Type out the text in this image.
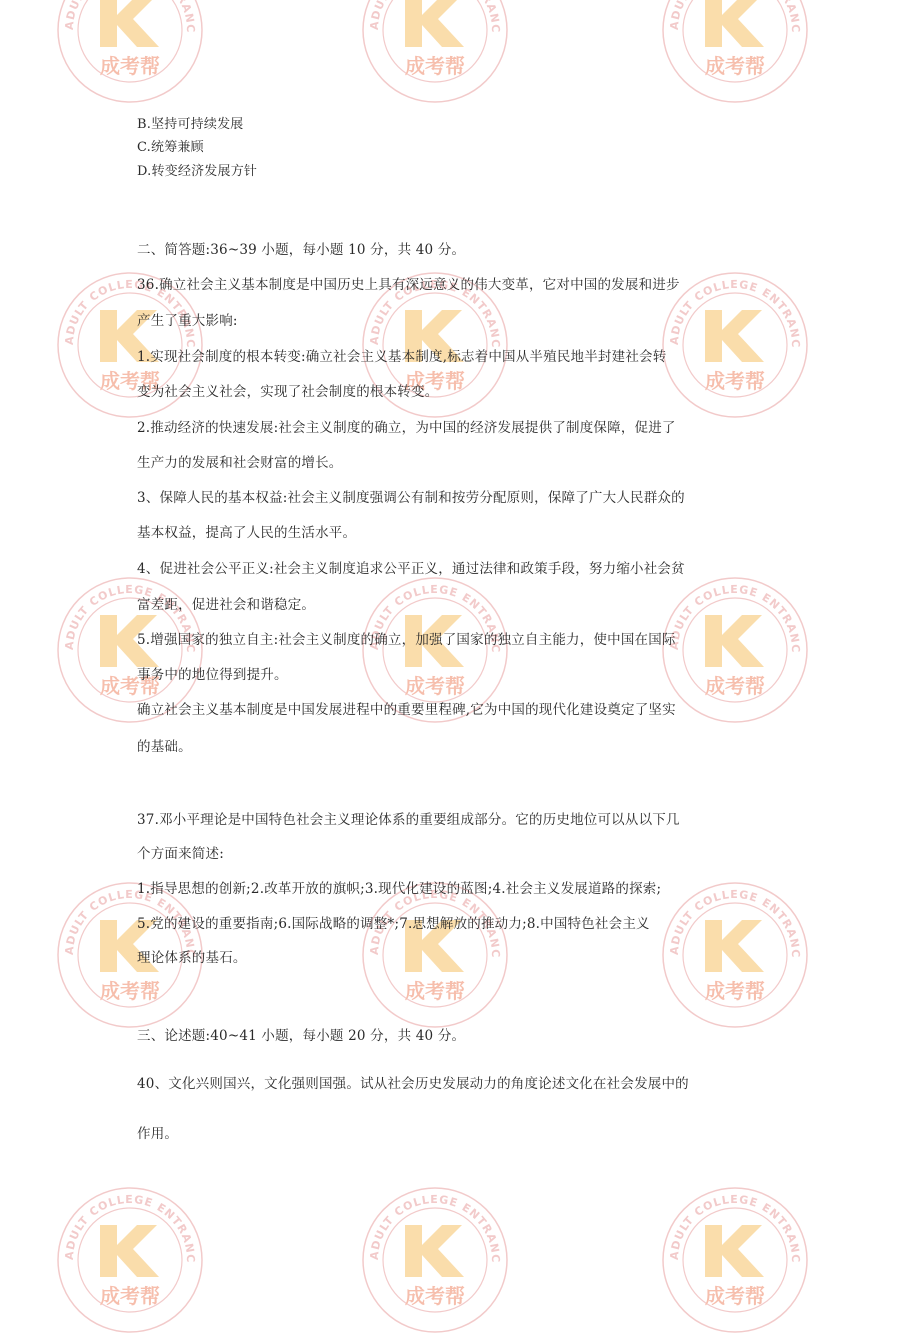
成考帮	成考帮	成考帮
成考帮	成考帮	成考帮
成考帮	成考帮	成考帮
成考帮	成考帮	成考帮
成考帮	成考帮	成考帮
B.坚持可持续发展
C.统筹兼顾
D.转变经济发展方针
二、简答题:36~39 小题，每小题 10 分，共 40 分。
36.确立社会主义基本制度是中国历史上具有深远意义的伟大变革，它对中国的发展和进步
产生了重大影响:
1.实现社会制度的根本转变:确立社会主义基本制度,标志着中国从半殖民地半封建社会转
变为社会主义社会，实现了社会制度的根本转变。
2.推动经济的快速发展:社会主义制度的确立，为中国的经济发展提供了制度保障，促进了
生产力的发展和社会财富的增长。
3、保障人民的基本权益:社会主义制度强调公有制和按劳分配原则，保障了广大人民群众的
基本权益，提高了人民的生活水平。
4、促进社会公平正义:社会主义制度追求公平正义，通过法律和政策手段，努力缩小社会贫
富差距，促进社会和谐稳定。
5.增强国家的独立自主:社会主义制度的确立，加强了国家的独立自主能力，使中国在国际
事务中的地位得到提升。
确立社会主义基本制度是中国发展进程中的重要里程碑,它为中国的现代化建设奠定了坚实
的基础。
37.邓小平理论是中国特色社会主义理论体系的重要组成部分。它的历史地位可以从以下几
个方面来简述:
1.指导思想的创新;2.改革开放的旗帜;3.现代化建设的蓝图;4.社会主义发展道路的探索;
5.党的建设的重要指南;6.国际战略的调整*;7.思想解放的推动力;8.中国特色社会主义
理论体系的基石。
三、论述题:40~41 小题，每小题 20 分，共 40 分。
40、文化兴则国兴，文化强则国强。试从社会历史发展动力的角度论述文化在社会发展中的
作用。
